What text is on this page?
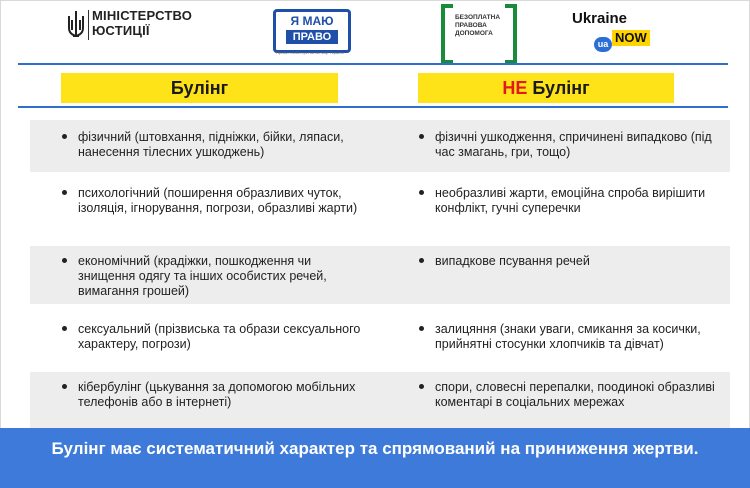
МІНІСТЕРСТВО
ЮСТИЦІЇ
Я МАЮ
ПРАВО
Проєкт Міністерства юстиції України
БЕЗОПЛАТНА
ПРАВОВА
ДОПОМОГА
Ukraine
ua NOW
Булінг	НЕ Булінг
фізичний (штовхання, підніжки, бійки, ляпаси, нанесення тілесних ушкоджень)
фізичні ушкодження, спричинені випадково (під час змагань, гри, тощо)
психологічний (поширення образливих чуток, ізоляція, ігнорування, погрози, образливі жарти)
необразливі жарти, емоційна спроба вирішити конфлікт, гучні суперечки
економічний (крадіжки, пошкодження чи знищення одягу та інших особистих речей, вимагання грошей)
випадкове псування речей
сексуальний (прізвиська та образи сексуального характеру, погрози)
залицяння (знаки уваги, смикання за косички, прийнятні стосунки хлопчиків та дівчат)
кібербулінг (цькування за допомогою мобільних телефонів або в інтернеті)
спори, словесні перепалки, поодинокі образливі коментарі в соціальних мережах
Булінг має систематичний характер та спрямований на приниження жертви.
